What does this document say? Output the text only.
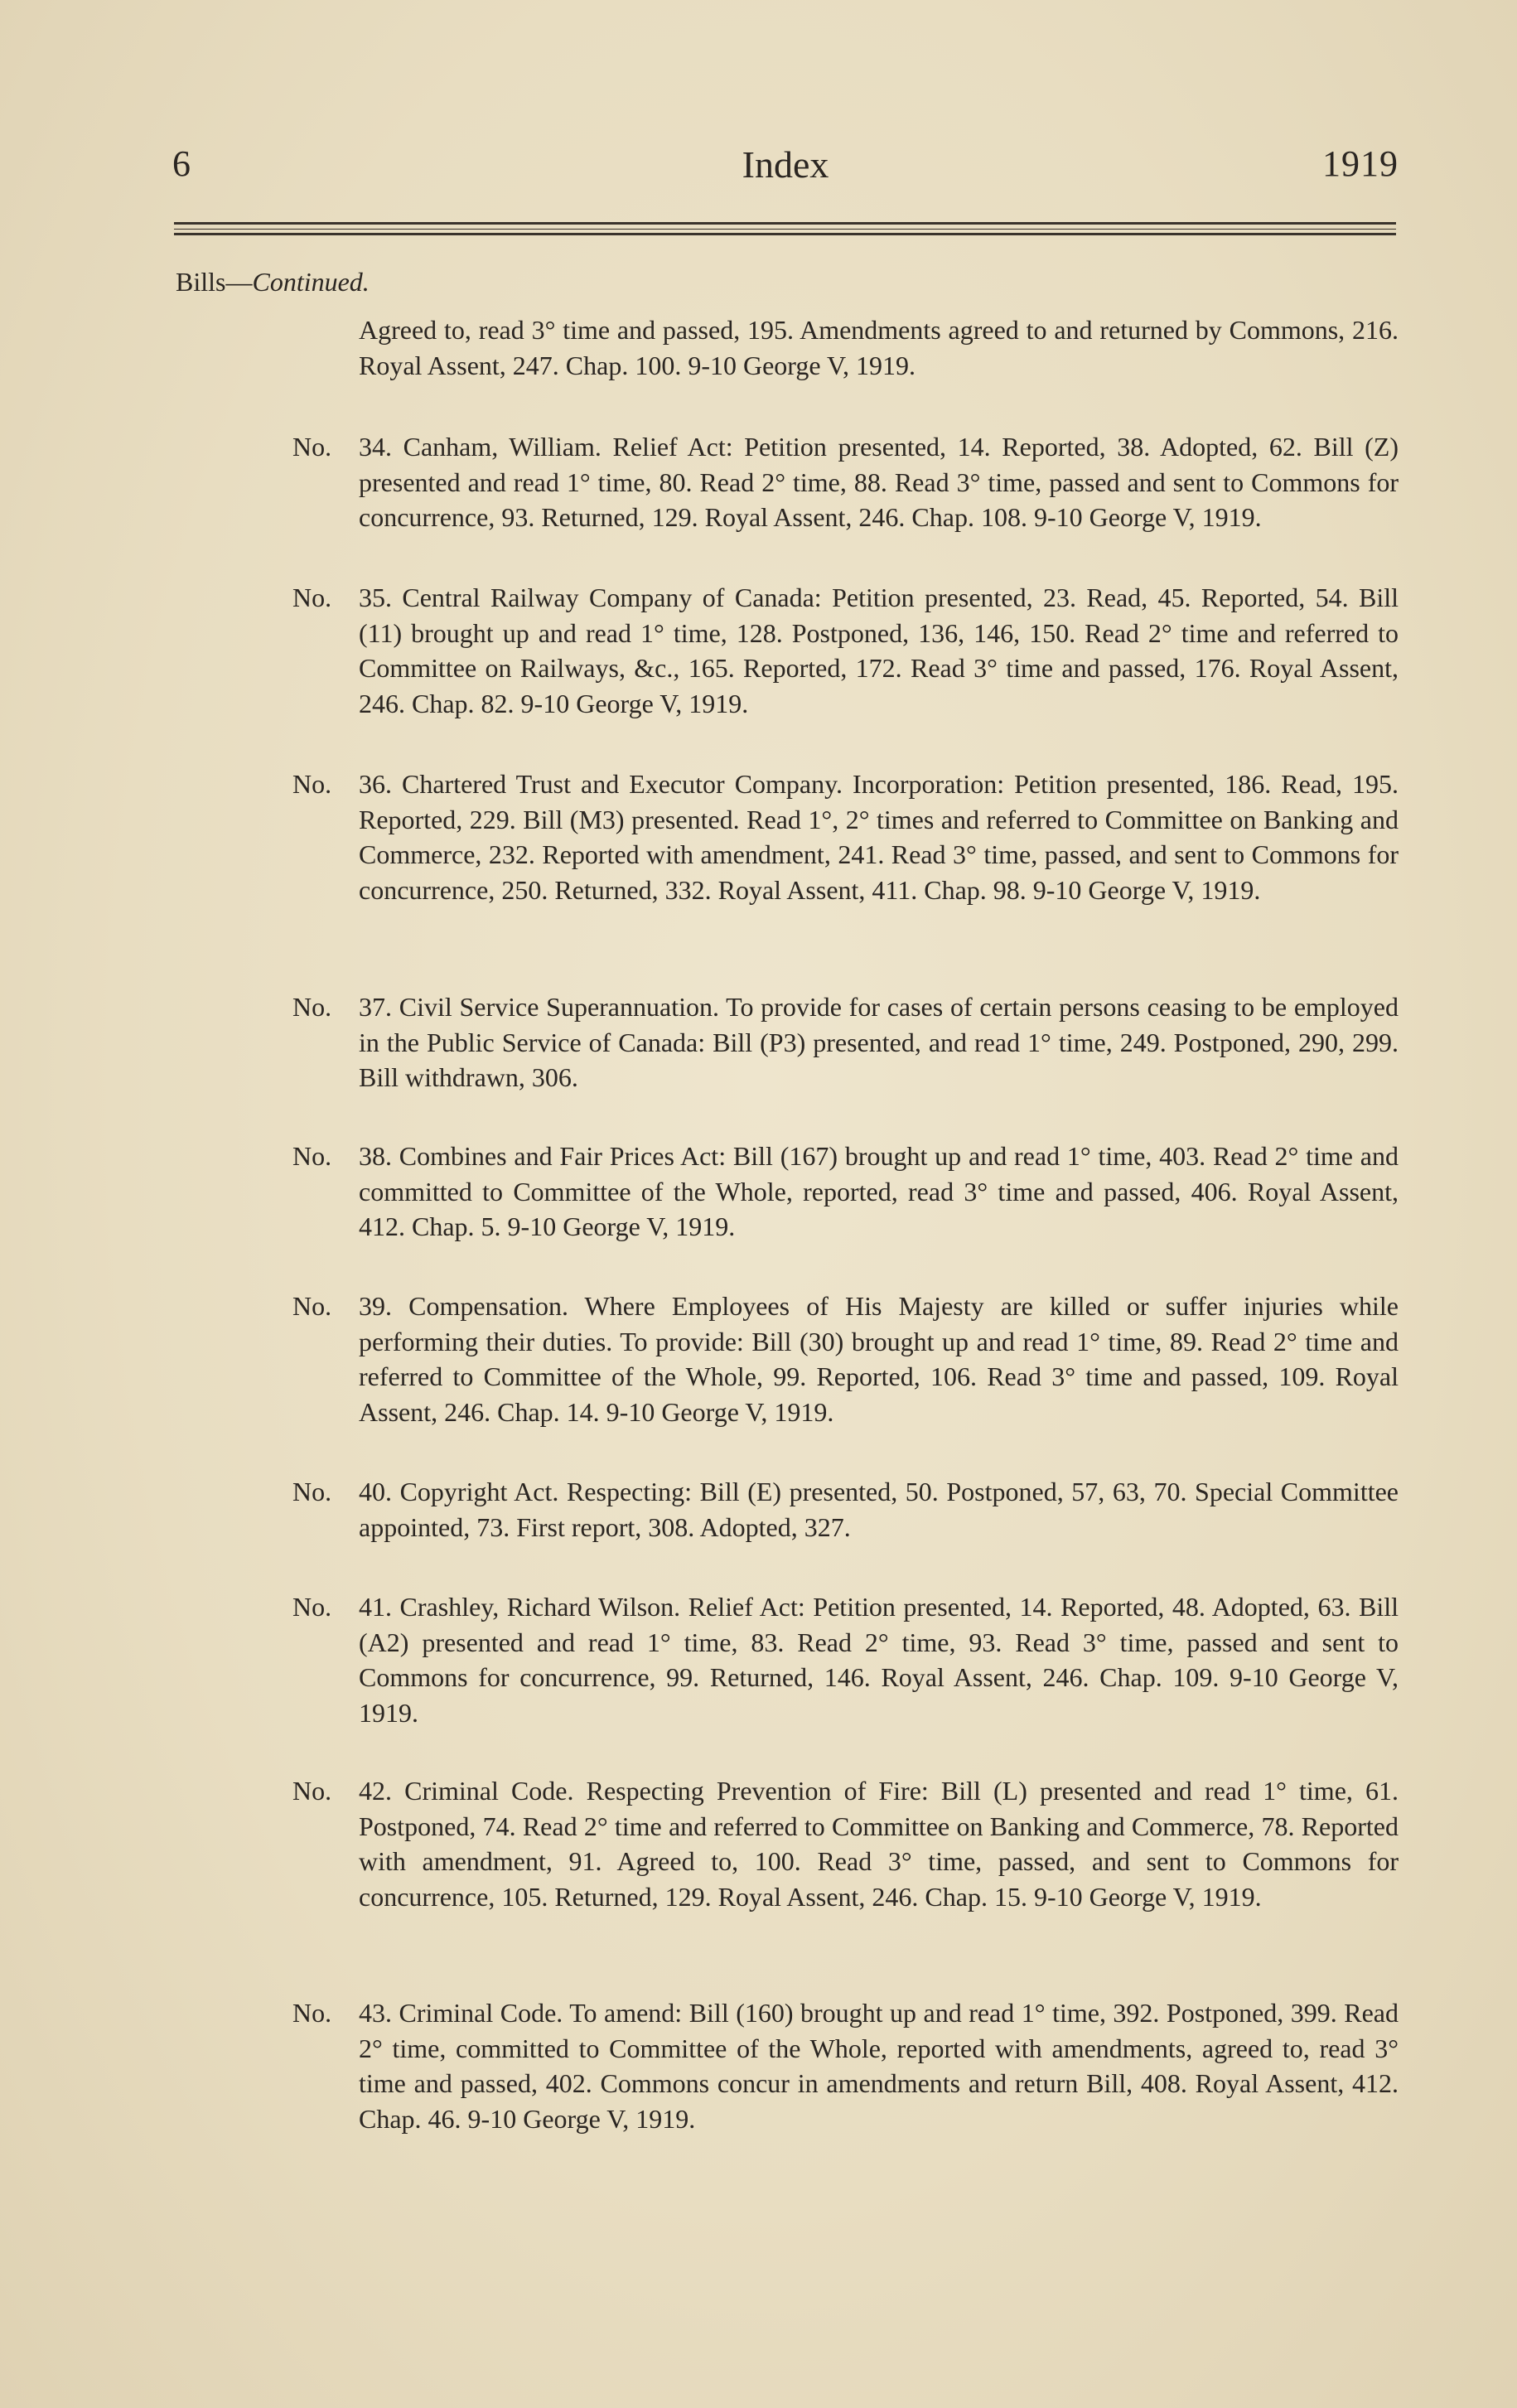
6	Index	1919
Bills—Continued.
Agreed to, read 3° time and passed, 195. Amendments agreed to and returned by Commons, 216. Royal Assent, 247. Chap. 100. 9-10 George V, 1919.
No. 34. Canham, William. Relief Act: Petition presented, 14. Reported, 38. Adopted, 62. Bill (Z) presented and read 1° time, 80. Read 2° time, 88. Read 3° time, passed and sent to Commons for concurrence, 93. Returned, 129. Royal Assent, 246. Chap. 108. 9-10 George V, 1919.
No. 35. Central Railway Company of Canada: Petition presented, 23. Read, 45. Reported, 54. Bill (11) brought up and read 1° time, 128. Postponed, 136, 146, 150. Read 2° time and referred to Committee on Railways, &c., 165. Reported, 172. Read 3° time and passed, 176. Royal Assent, 246. Chap. 82. 9-10 George V, 1919.
No. 36. Chartered Trust and Executor Company. Incorporation: Petition presented, 186. Read, 195. Reported, 229. Bill (M3) presented. Read 1°, 2° times and referred to Committee on Banking and Commerce, 232. Reported with amendment, 241. Read 3° time, passed, and sent to Commons for concurrence, 250. Returned, 332. Royal Assent, 411. Chap. 98. 9-10 George V, 1919.
No. 37. Civil Service Superannuation. To provide for cases of certain persons ceasing to be employed in the Public Service of Canada: Bill (P3) presented, and read 1° time, 249. Postponed, 290, 299. Bill withdrawn, 306.
No. 38. Combines and Fair Prices Act: Bill (167) brought up and read 1° time, 403. Read 2° time and committed to Committee of the Whole, reported, read 3° time and passed, 406. Royal Assent, 412. Chap. 5. 9-10 George V, 1919.
No. 39. Compensation. Where Employees of His Majesty are killed or suffer injuries while performing their duties. To provide: Bill (30) brought up and read 1° time, 89. Read 2° time and referred to Committee of the Whole, 99. Reported, 106. Read 3° time and passed, 109. Royal Assent, 246. Chap. 14. 9-10 George V, 1919.
No. 40. Copyright Act. Respecting: Bill (E) presented, 50. Postponed, 57, 63, 70. Special Committee appointed, 73. First report, 308. Adopted, 327.
No. 41. Crashley, Richard Wilson. Relief Act: Petition presented, 14. Reported, 48. Adopted, 63. Bill (A2) presented and read 1° time, 83. Read 2° time, 93. Read 3° time, passed and sent to Commons for concurrence, 99. Returned, 146. Royal Assent, 246. Chap. 109. 9-10 George V, 1919.
No. 42. Criminal Code. Respecting Prevention of Fire: Bill (L) presented and read 1° time, 61. Postponed, 74. Read 2° time and referred to Committee on Banking and Commerce, 78. Reported with amendment, 91. Agreed to, 100. Read 3° time, passed, and sent to Commons for concurrence, 105. Returned, 129. Royal Assent, 246. Chap. 15. 9-10 George V, 1919.
No. 43. Criminal Code. To amend: Bill (160) brought up and read 1° time, 392. Postponed, 399. Read 2° time, committed to Committee of the Whole, reported with amendments, agreed to, read 3° time and passed, 402. Commons concur in amendments and return Bill, 408. Royal Assent, 412. Chap. 46. 9-10 George V, 1919.
